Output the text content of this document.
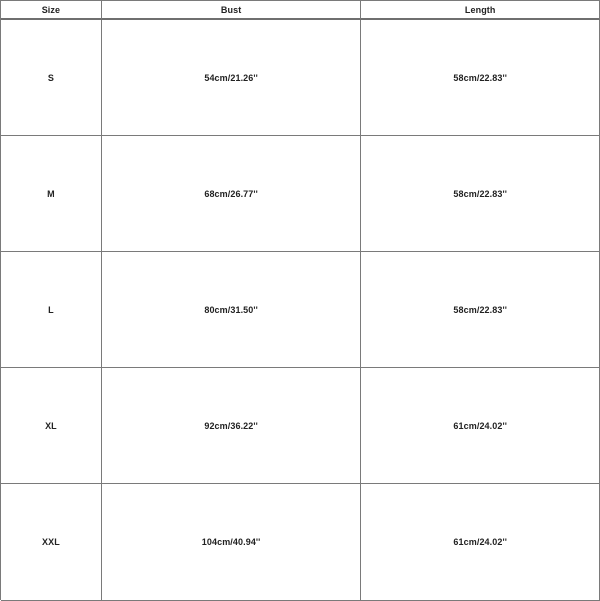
Size	Bust	Length
S	54cm/21.26''	58cm/22.83''
M	68cm/26.77''	58cm/22.83''
L	80cm/31.50''	58cm/22.83''
XL	92cm/36.22''	61cm/24.02''
XXL	104cm/40.94''	61cm/24.02''
